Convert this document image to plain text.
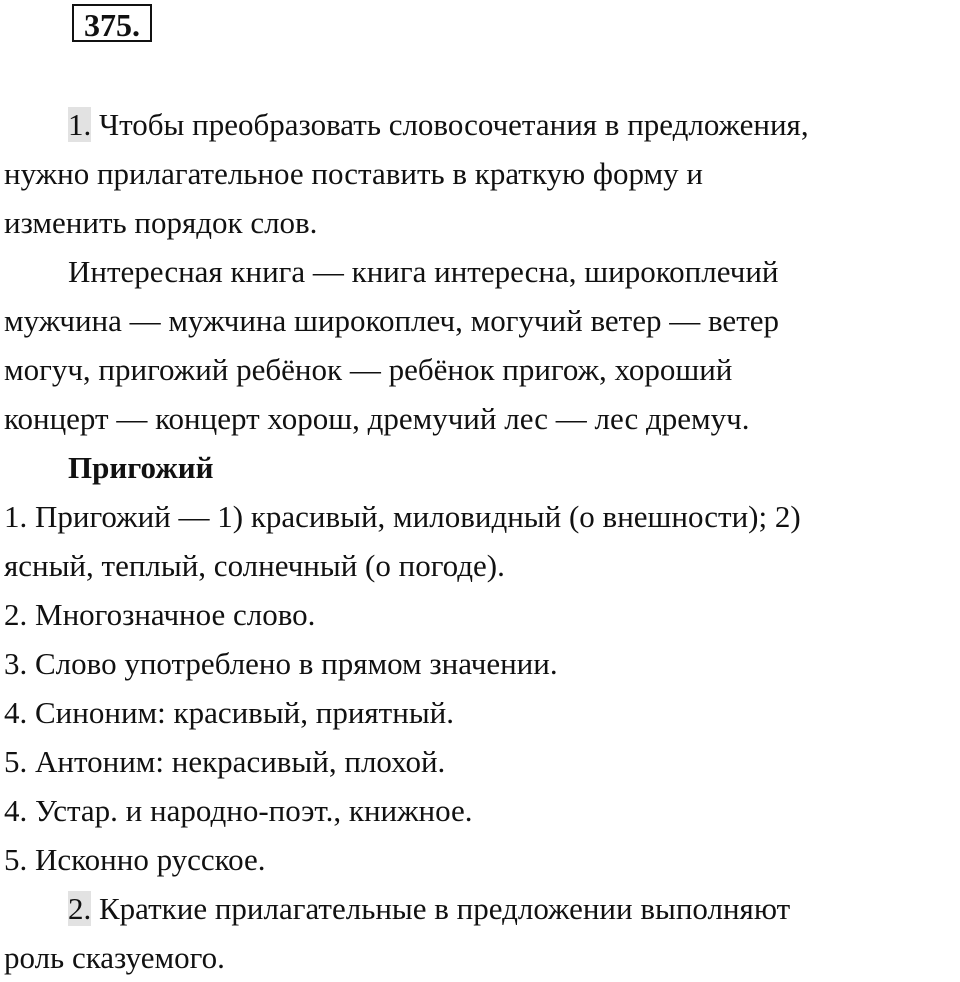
375.
1. Чтобы преобразовать словосочетания в предложения,
нужно прилагательное поставить в краткую форму и
изменить порядок слов.
Интересная книга — книга интересна, широкоплечий
мужчина — мужчина широкоплеч, могучий ветер — ветер
могуч, пригожий ребёнок — ребёнок пригож, хороший
концерт — концерт хорош, дремучий лес — лес дремуч.
Пригожий
1. Пригожий — 1) красивый, миловидный (о внешности); 2)
ясный, теплый, солнечный (о погоде).
2. Многозначное слово.
3. Слово употреблено в прямом значении.
4. Синоним: красивый, приятный.
5. Антоним: некрасивый, плохой.
4. Устар. и народно-поэт., книжное.
5. Исконно русское.
2. Краткие прилагательные в предложении выполняют
роль сказуемого.
